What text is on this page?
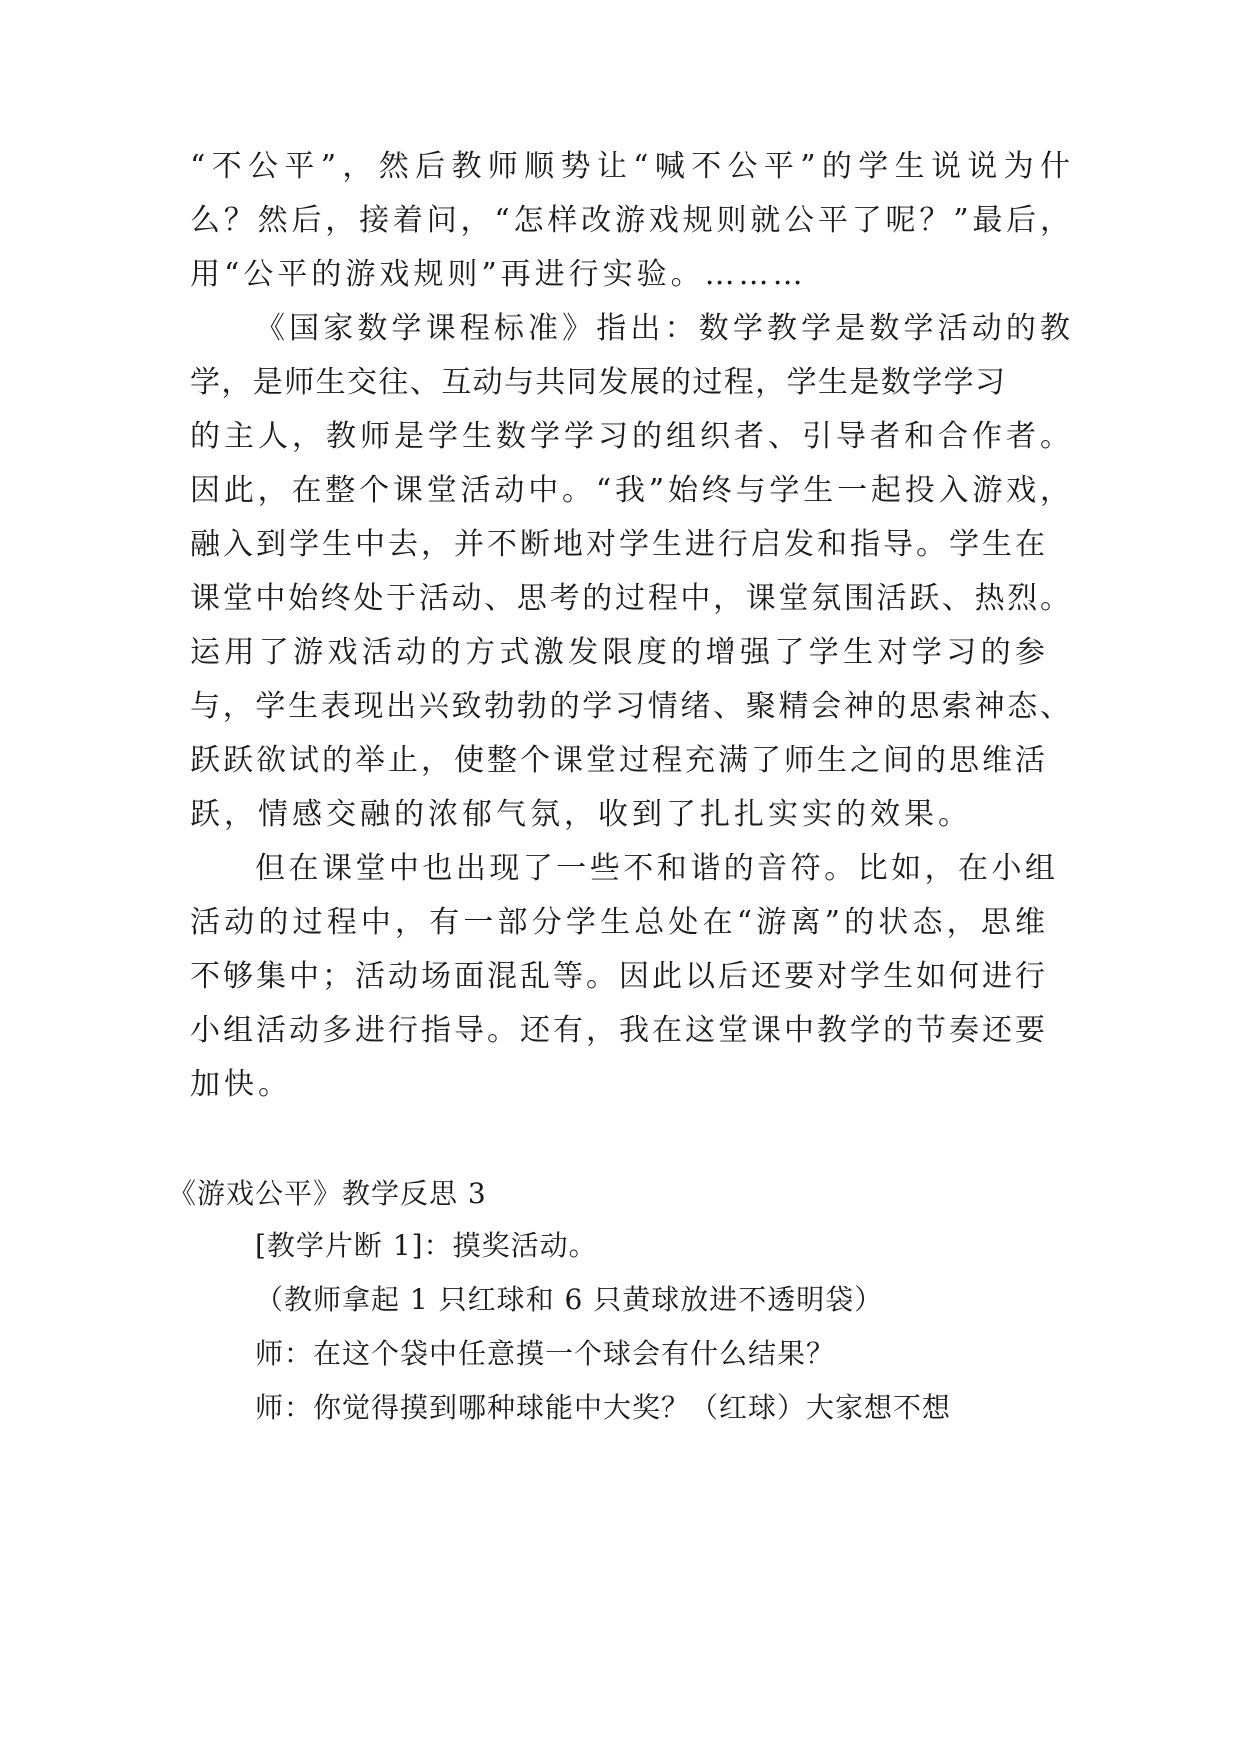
“不公平”，然后教师顺势让“喊不公平”的学生说说为什
么？然后，接着问，“怎样改游戏规则就公平了呢？”最后，
用“公平的游戏规则”再进行实验。………
《国家数学课程标准》指出：数学教学是数学活动的教
学，是师生交往、互动与共同发展的过程，学生是数学学习
的主人，教师是学生数学学习的组织者、引导者和合作者。
因此，在整个课堂活动中。“我”始终与学生一起投入游戏，
融入到学生中去，并不断地对学生进行启发和指导。学生在
课堂中始终处于活动、思考的过程中，课堂氛围活跃、热烈。
运用了游戏活动的方式激发限度的增强了学生对学习的参
与，学生表现出兴致勃勃的学习情绪、聚精会神的思索神态、
跃跃欲试的举止，使整个课堂过程充满了师生之间的思维活
跃，情感交融的浓郁气氛，收到了扎扎实实的效果。
但在课堂中也出现了一些不和谐的音符。比如，在小组
活动的过程中，有一部分学生总处在“游离”的状态，思维
不够集中；活动场面混乱等。因此以后还要对学生如何进行
小组活动多进行指导。还有，我在这堂课中教学的节奏还要
加快。
《游戏公平》教学反思 3
[教学片断 1]：摸奖活动。
（教师拿起 1 只红球和 6 只黄球放进不透明袋）
师：在这个袋中任意摸一个球会有什么结果？
师：你觉得摸到哪种球能中大奖？（红球）大家想不想
